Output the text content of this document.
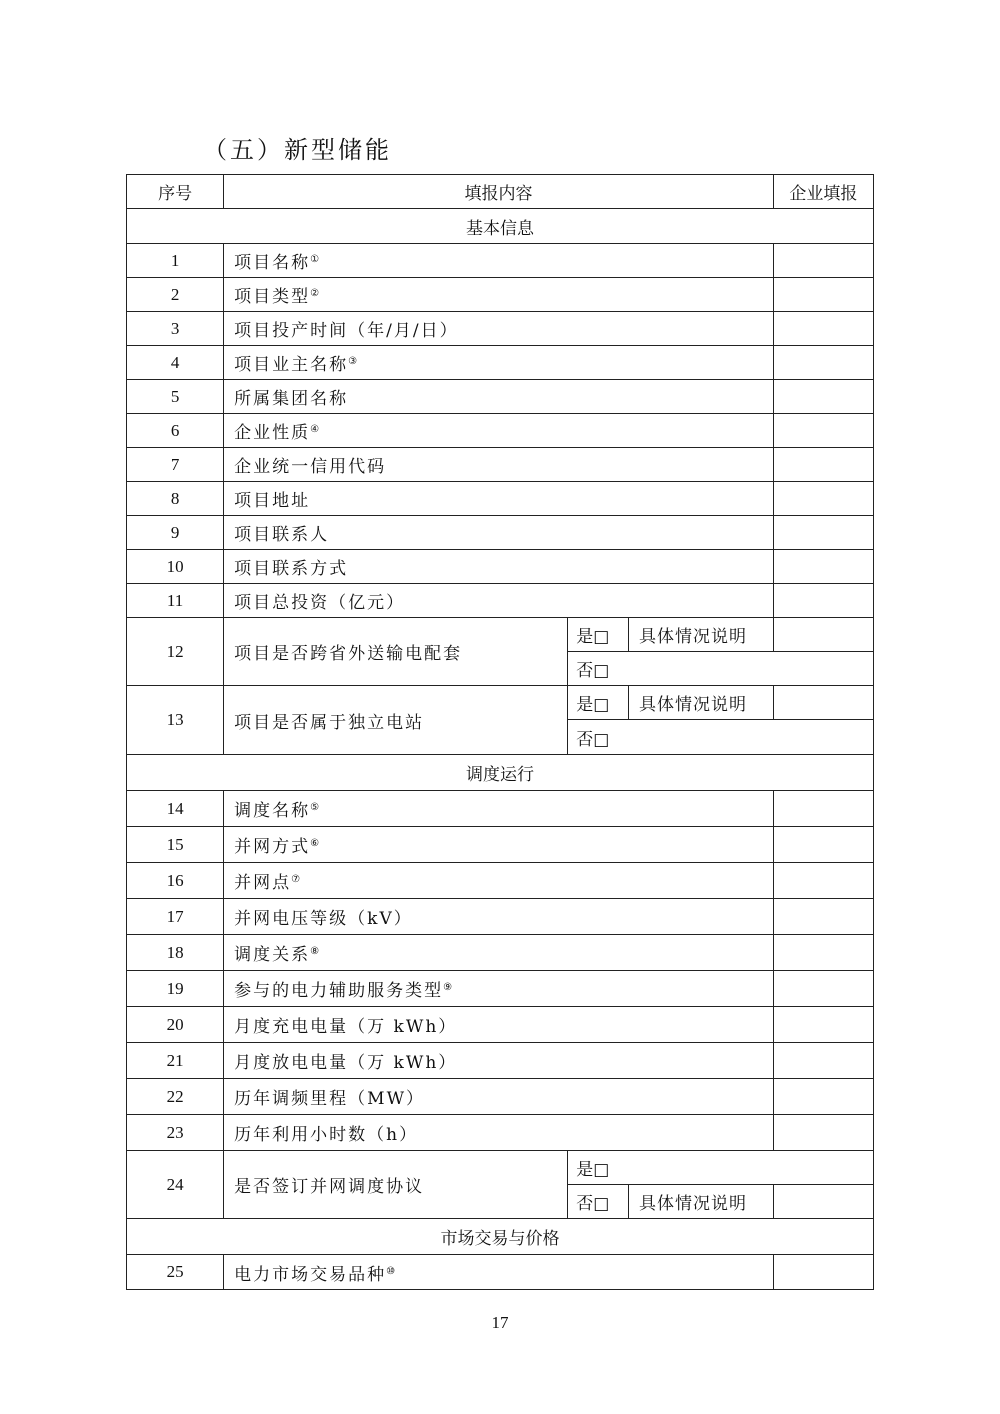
（五）新型储能
序号	填报内容			企业填报
基本信息				
1	项目名称①	
2	项目类型②	
3	项目投产时间（年/月/日）			
4	项目业主名称③	
5	所属集团名称			
6	企业性质④	
7	企业统一信用代码			
8	项目地址			
9	项目联系人			
10	项目联系方式			
11	项目总投资（亿元）			
12	项目是否跨省外送输电配套	是□	具体情况说明	
		否□		
13	项目是否属于独立电站	是□	具体情况说明	
		否□		
调度运行				
14	调度名称⑤	
15	并网方式⑥	
16	并网点⑦	
17	并网电压等级（kV）			
18	调度关系⑧	
19	参与的电力辅助服务类型⑨	
20	月度充电电量（万 kWh）			
21	月度放电电量（万 kWh）			
22	历年调频里程（MW）			
23	历年利用小时数（h）			
24	是否签订并网调度协议	是□		
		否□	具体情况说明	
市场交易与价格				
25	电力市场交易品种⑩	
17
